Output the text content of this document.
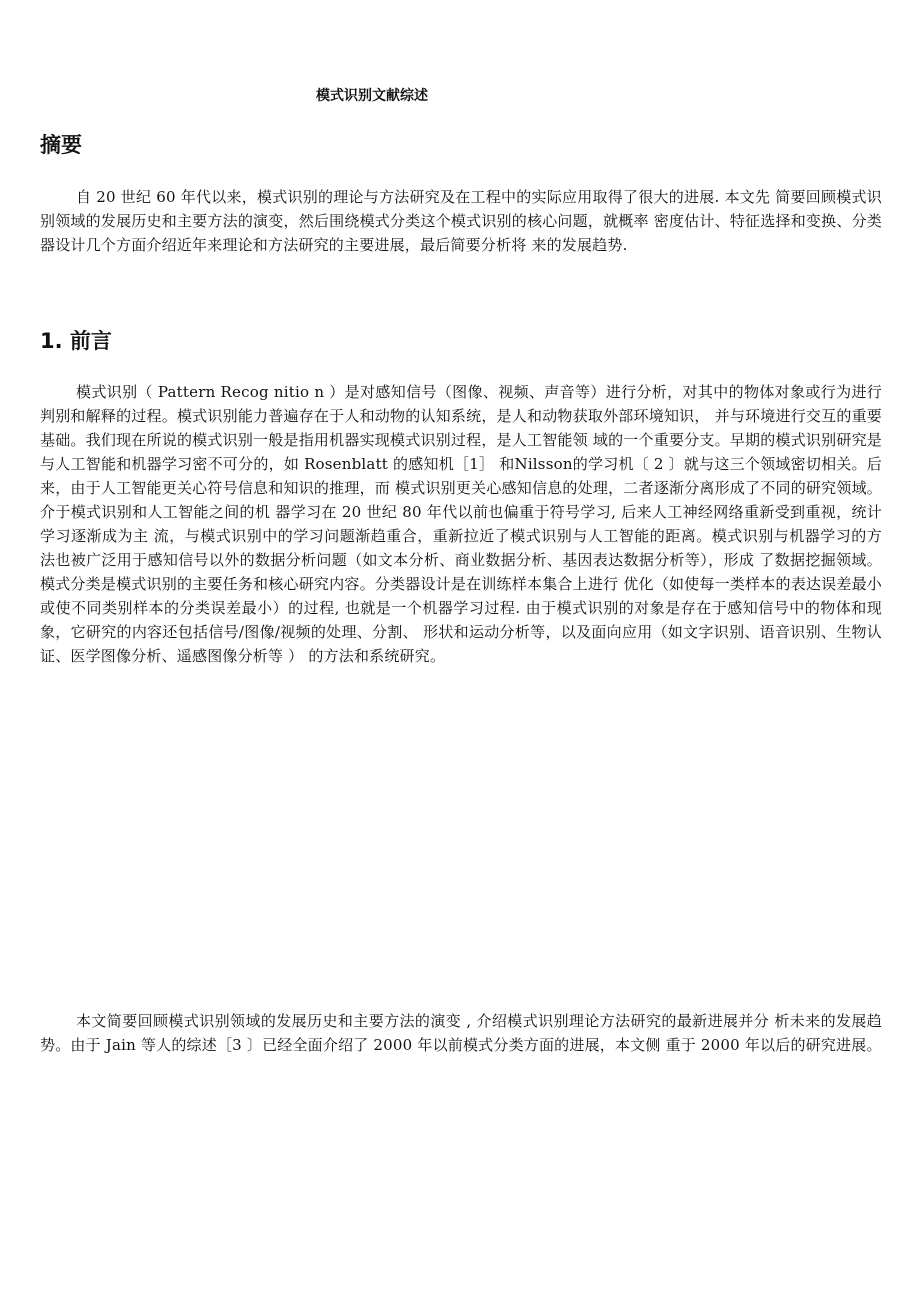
模式识别文献综述
摘要

自 20 世纪 60 年代以来，模式识别的理论与方法研究及在工程中的实际应用取得了很大的进展. 本文先 简要回顾模式识别领域的发展历史和主要方法的演变，然后围绕模式分类这个模式识别的核心问题，就概率 密度估计、特征选择和变换、分类器设计几个方面介绍近年来理论和方法研究的主要进展，最后简要分析将 来的发展趋势.

1. 前言

模式识别（ Pattern Recog nitio n ）是对感知信号（图像、视频、声音等）进行分析，对其中的物体对象或行为进行判别和解释的过程。模式识别能力普遍存在于人和动物的认知系统，是人和动物获取外部环境知识， 并与环境进行交互的重要基础。我们现在所说的模式识别一般是指用机器实现模式识别过程，是人工智能领 域的一个重要分支。早期的模式识别研究是与人工智能和机器学习密不可分的，如 Rosenblatt 的感知机［1］ 和Nilsson的学习机〔 2 〕就与这三个领域密切相关。后来，由于人工智能更关心符号信息和知识的推理，而 模式识别更关心感知信息的处理，二者逐渐分离形成了不同的研究领域。介于模式识别和人工智能之间的机 器学习在 20 世纪 80 年代以前也偏重于符号学习, 后来人工神经网络重新受到重视，统计学习逐渐成为主 流，与模式识别中的学习问题渐趋重合，重新拉近了模式识别与人工智能的距离。模式识别与机器学习的方 法也被广泛用于感知信号以外的数据分析问题（如文本分析、商业数据分析、基因表达数据分析等），形成 了数据挖掘领域。 模式分类是模式识别的主要任务和核心研究内容。分类器设计是在训练样本集合上进行 优化（如使每一类样本的表达误差最小或使不同类别样本的分类误差最小）的过程, 也就是一个机器学习过程. 由于模式识别的对象是存在于感知信号中的物体和现象，它研究的内容还包括信号/图像/视频的处理、分割、 形状和运动分析等，以及面向应用（如文字识别、语音识别、生物认证、医学图像分析、遥感图像分析等 ） 的方法和系统研究。

本文简要回顾模式识别领域的发展历史和主要方法的演变 , 介绍模式识别理论方法研究的最新进展并分 析未来的发展趋势。由于 Jain 等人的综述［3 〕已经全面介绍了 2000 年以前模式分类方面的进展，本文侧 重于 2000 年以后的研究进展。
